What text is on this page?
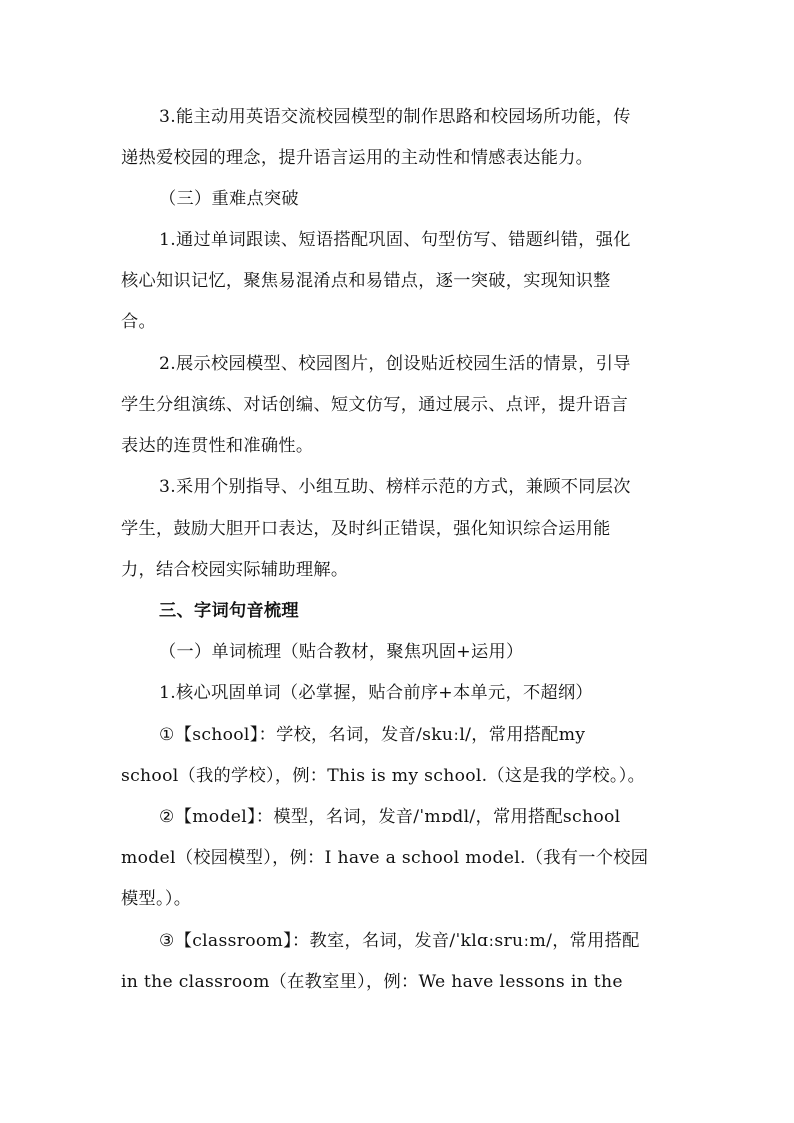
3.能主动用英语交流校园模型的制作思路和校园场所功能，传
递热爱校园的理念，提升语言运用的主动性和情感表达能力。
（三）重难点突破
1.通过单词跟读、短语搭配巩固、句型仿写、错题纠错，强化
核心知识记忆，聚焦易混淆点和易错点，逐一突破，实现知识整
合。
2.展示校园模型、校园图片，创设贴近校园生活的情景，引导
学生分组演练、对话创编、短文仿写，通过展示、点评，提升语言
表达的连贯性和准确性。
3.采用个别指导、小组互助、榜样示范的方式，兼顾不同层次
学生，鼓励大胆开口表达，及时纠正错误，强化知识综合运用能
力，结合校园实际辅助理解。
三、字词句音梳理
（一）单词梳理（贴合教材，聚焦巩固+运用）
1.核心巩固单词（必掌握，贴合前序+本单元，不超纲）
①【school】：学校，名词，发音/skuːl/，常用搭配my
school（我的学校），例：This is my school.（这是我的学校。）。
②【model】：模型，名词，发音/ˈmɒdl/，常用搭配school
model（校园模型），例：I have a school model.（我有一个校园
模型。）。
③【classroom】：教室，名词，发音/ˈklɑːsruːm/，常用搭配
in the classroom（在教室里），例：We have lessons in the
